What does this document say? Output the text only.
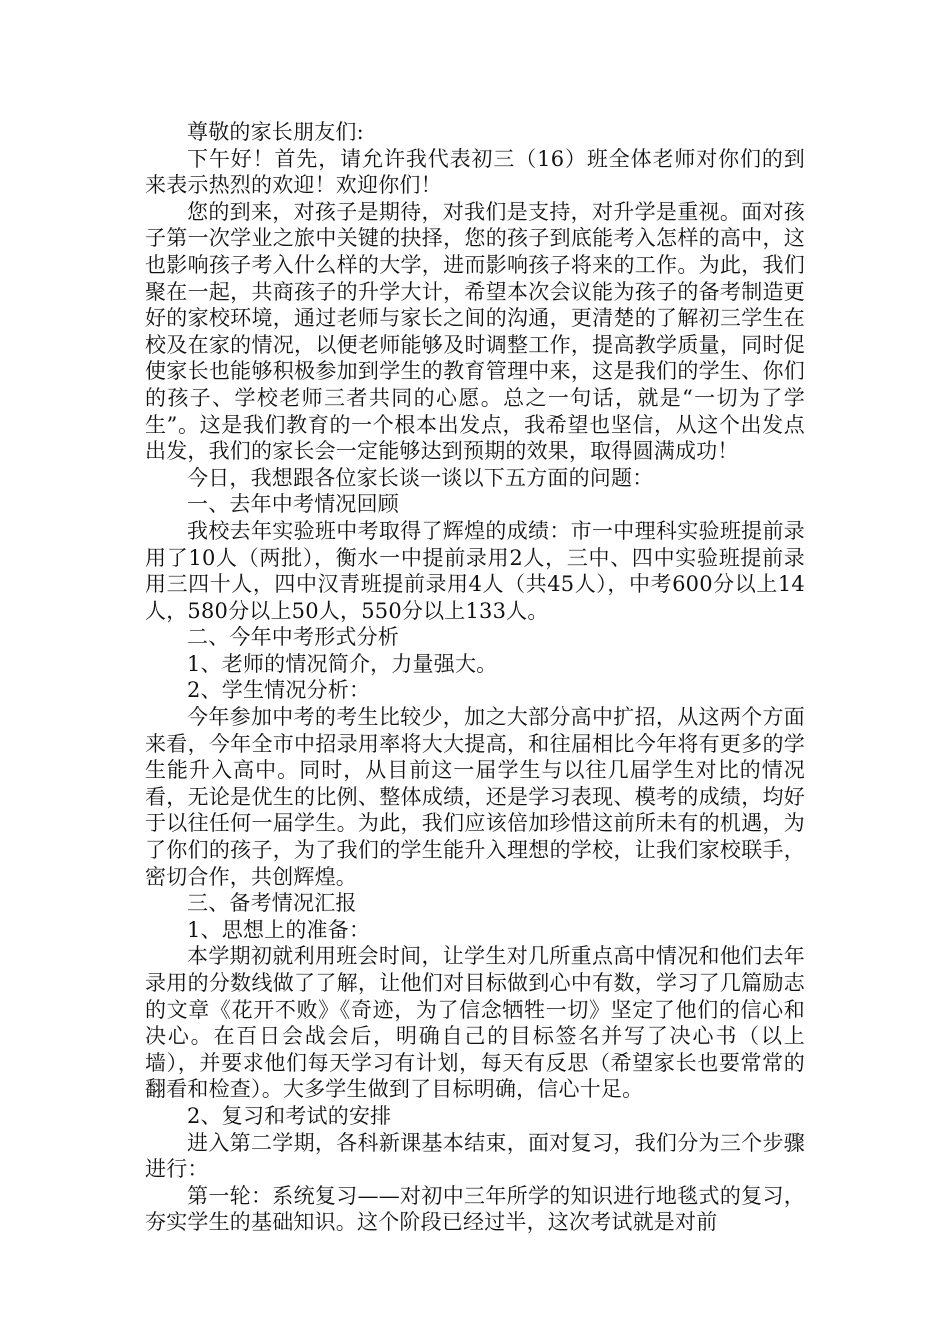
尊敬的家长朋友们:

下午好！首先，请允许我代表初三（16）班全体老师对你们的到来表示热烈的欢迎！欢迎你们！

您的到来，对孩子是期待，对我们是支持，对升学是重视。面对孩子第一次学业之旅中关键的抉择，您的孩子到底能考入怎样的高中，这也影响孩子考入什么样的大学，进而影响孩子将来的工作。为此，我们聚在一起，共商孩子的升学大计，希望本次会议能为孩子的备考制造更好的家校环境，通过老师与家长之间的沟通，更清楚的了解初三学生在校及在家的情况，以便老师能够及时调整工作，提高教学质量，同时促使家长也能够积极参加到学生的教育管理中来，这是我们的学生、你们的孩子、学校老师三者共同的心愿。总之一句话，就是“一切为了学生”。这是我们教育的一个根本出发点，我希望也坚信，从这个出发点出发，我们的家长会一定能够达到预期的效果，取得圆满成功！

今日，我想跟各位家长谈一谈以下五方面的问题：

一、去年中考情况回顾

我校去年实验班中考取得了辉煌的成绩：市一中理科实验班提前录用了10人（两批），衡水一中提前录用2人，三中、四中实验班提前录用三四十人，四中汉青班提前录用4人（共45人），中考600分以上14人，580分以上50人，550分以上133人。

二、今年中考形式分析

1、老师的情况简介，力量强大。

2、学生情况分析：

今年参加中考的考生比较少，加之大部分高中扩招，从这两个方面来看，今年全市中招录用率将大大提高，和往届相比今年将有更多的学生能升入高中。同时，从目前这一届学生与以往几届学生对比的情况看，无论是优生的比例、整体成绩，还是学习表现、模考的成绩，均好于以往任何一届学生。为此，我们应该倍加珍惜这前所未有的机遇，为了你们的孩子，为了我们的学生能升入理想的学校，让我们家校联手，密切合作，共创辉煌。

三、备考情况汇报

1、思想上的准备：

本学期初就利用班会时间，让学生对几所重点高中情况和他们去年录用的分数线做了了解，让他们对目标做到心中有数，学习了几篇励志的文章《花开不败》《奇迹，为了信念牺牲一切》坚定了他们的信心和决心。在百日会战会后，明确自己的目标签名并写了决心书（以上墙），并要求他们每天学习有计划，每天有反思（希望家长也要常常的翻看和检查）。大多学生做到了目标明确，信心十足。

2、复习和考试的安排

进入第二学期，各科新课基本结束，面对复习，我们分为三个步骤进行：

第一轮：系统复习——对初中三年所学的知识进行地毯式的复习，夯实学生的基础知识。这个阶段已经过半，这次考试就是对前
